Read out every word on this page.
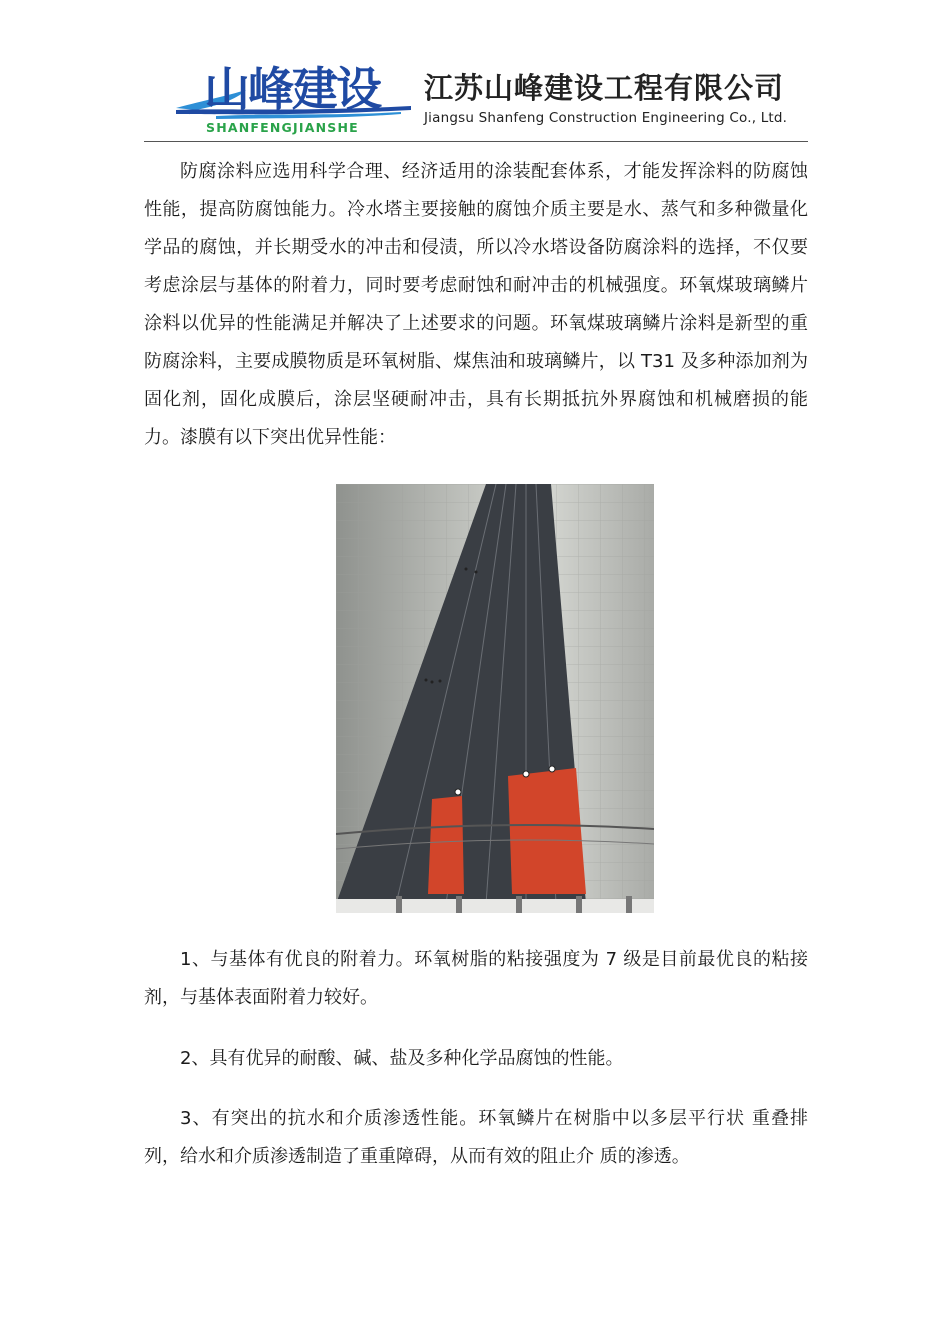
山峰建设
SHANFENGJIANSHE
江苏山峰建设工程有限公司
Jiangsu Shanfeng Construction Engineering Co., Ltd.

防腐涂料应选用科学合理、经济适用的涂装配套体系，才能发挥涂料的防腐蚀性能，提高防腐蚀能力。冷水塔主要接触的腐蚀介质主要是水、蒸气和多种微量化学品的腐蚀，并长期受水的冲击和侵渍，所以冷水塔设备防腐涂料的选择，不仅要考虑涂层与基体的附着力，同时要考虑耐蚀和耐冲击的机械强度。环氧煤玻璃鳞片涂料以优异的性能满足并解决了上述要求的问题。环氧煤玻璃鳞片涂料是新型的重防腐涂料，主要成膜物质是环氧树脂、煤焦油和玻璃鳞片，以 T31 及多种添加剂为固化剂，固化成膜后，涂层坚硬耐冲击，具有长期抵抗外界腐蚀和机械磨损的能力。漆膜有以下突出优异性能：

1、与基体有优良的附着力。环氧树脂的粘接强度为 7 级是目前最优良的粘接剂，与基体表面附着力较好。

2、具有优异的耐酸、碱、盐及多种化学品腐蚀的性能。

3、有突出的抗水和介质渗透性能。环氧鳞片在树脂中以多层平行状 重叠排列，给水和介质渗透制造了重重障碍，从而有效的阻止介 质的渗透。
